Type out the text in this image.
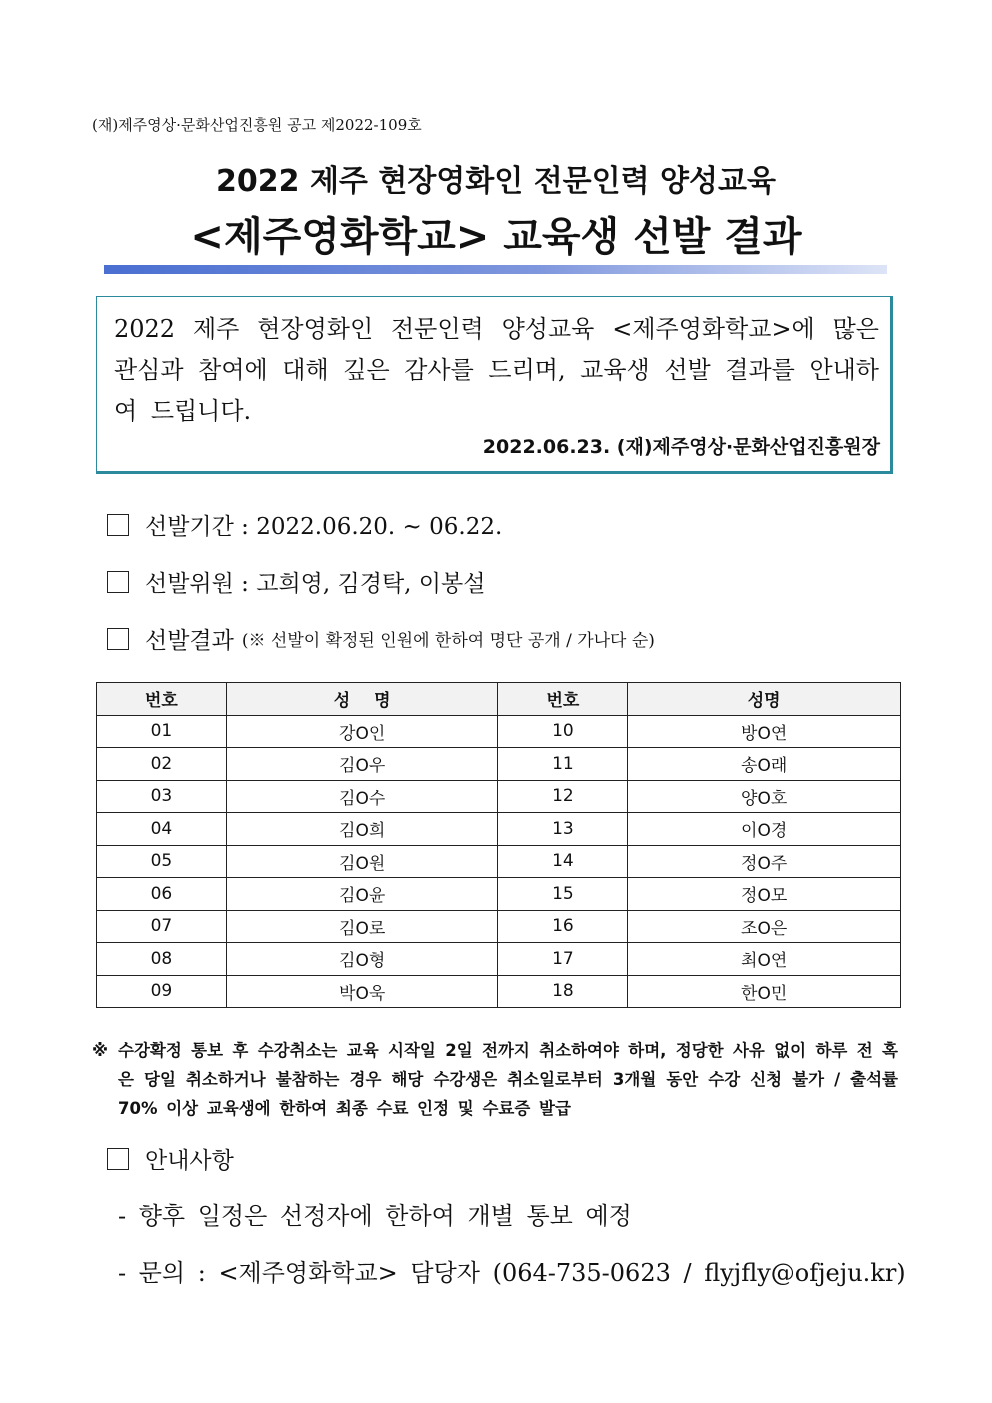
(재)제주영상·문화산업진흥원 공고 제2022-109호
2022 제주 현장영화인 전문인력 양성교육
<제주영화학교> 교육생 선발 결과
2022 제주 현장영화인 전문인력 양성교육 <제주영화학교>에 많은 관심과 참여에 대해 깊은 감사를 드리며, 교육생 선발 결과를 안내하여 드립니다.
2022.06.23. (재)제주영상·문화산업진흥원장
선발기간 : 2022.06.20. ~ 06.22.
선발위원 : 고희영, 김경탁, 이봉설
선발결과 (※ 선발이 확정된 인원에 한하여 명단 공개 / 가나다 순)
번호	성 명	번호	성명
01	강O인	10	방O연
02	김O우	11	송O래
03	김O수	12	양O호
04	김O희	13	이O경
05	김O원	14	정O주
06	김O윤	15	정O모
07	김O로	16	조O은
08	김O형	17	최O연
09	박O욱	18	한O민
※ 수강확정 통보 후 수강취소는 교육 시작일 2일 전까지 취소하여야 하며, 정당한 사유 없이 하루 전 혹은 당일 취소하거나 불참하는 경우 해당 수강생은 취소일로부터 3개월 동안 수강 신청 불가 / 출석률 70% 이상 교육생에 한하여 최종 수료 인정 및 수료증 발급
안내사항
- 향후 일정은 선정자에 한하여 개별 통보 예정
- 문의 : <제주영화학교> 담당자 (064-735-0623 / flyjfly@ofjeju.kr)
